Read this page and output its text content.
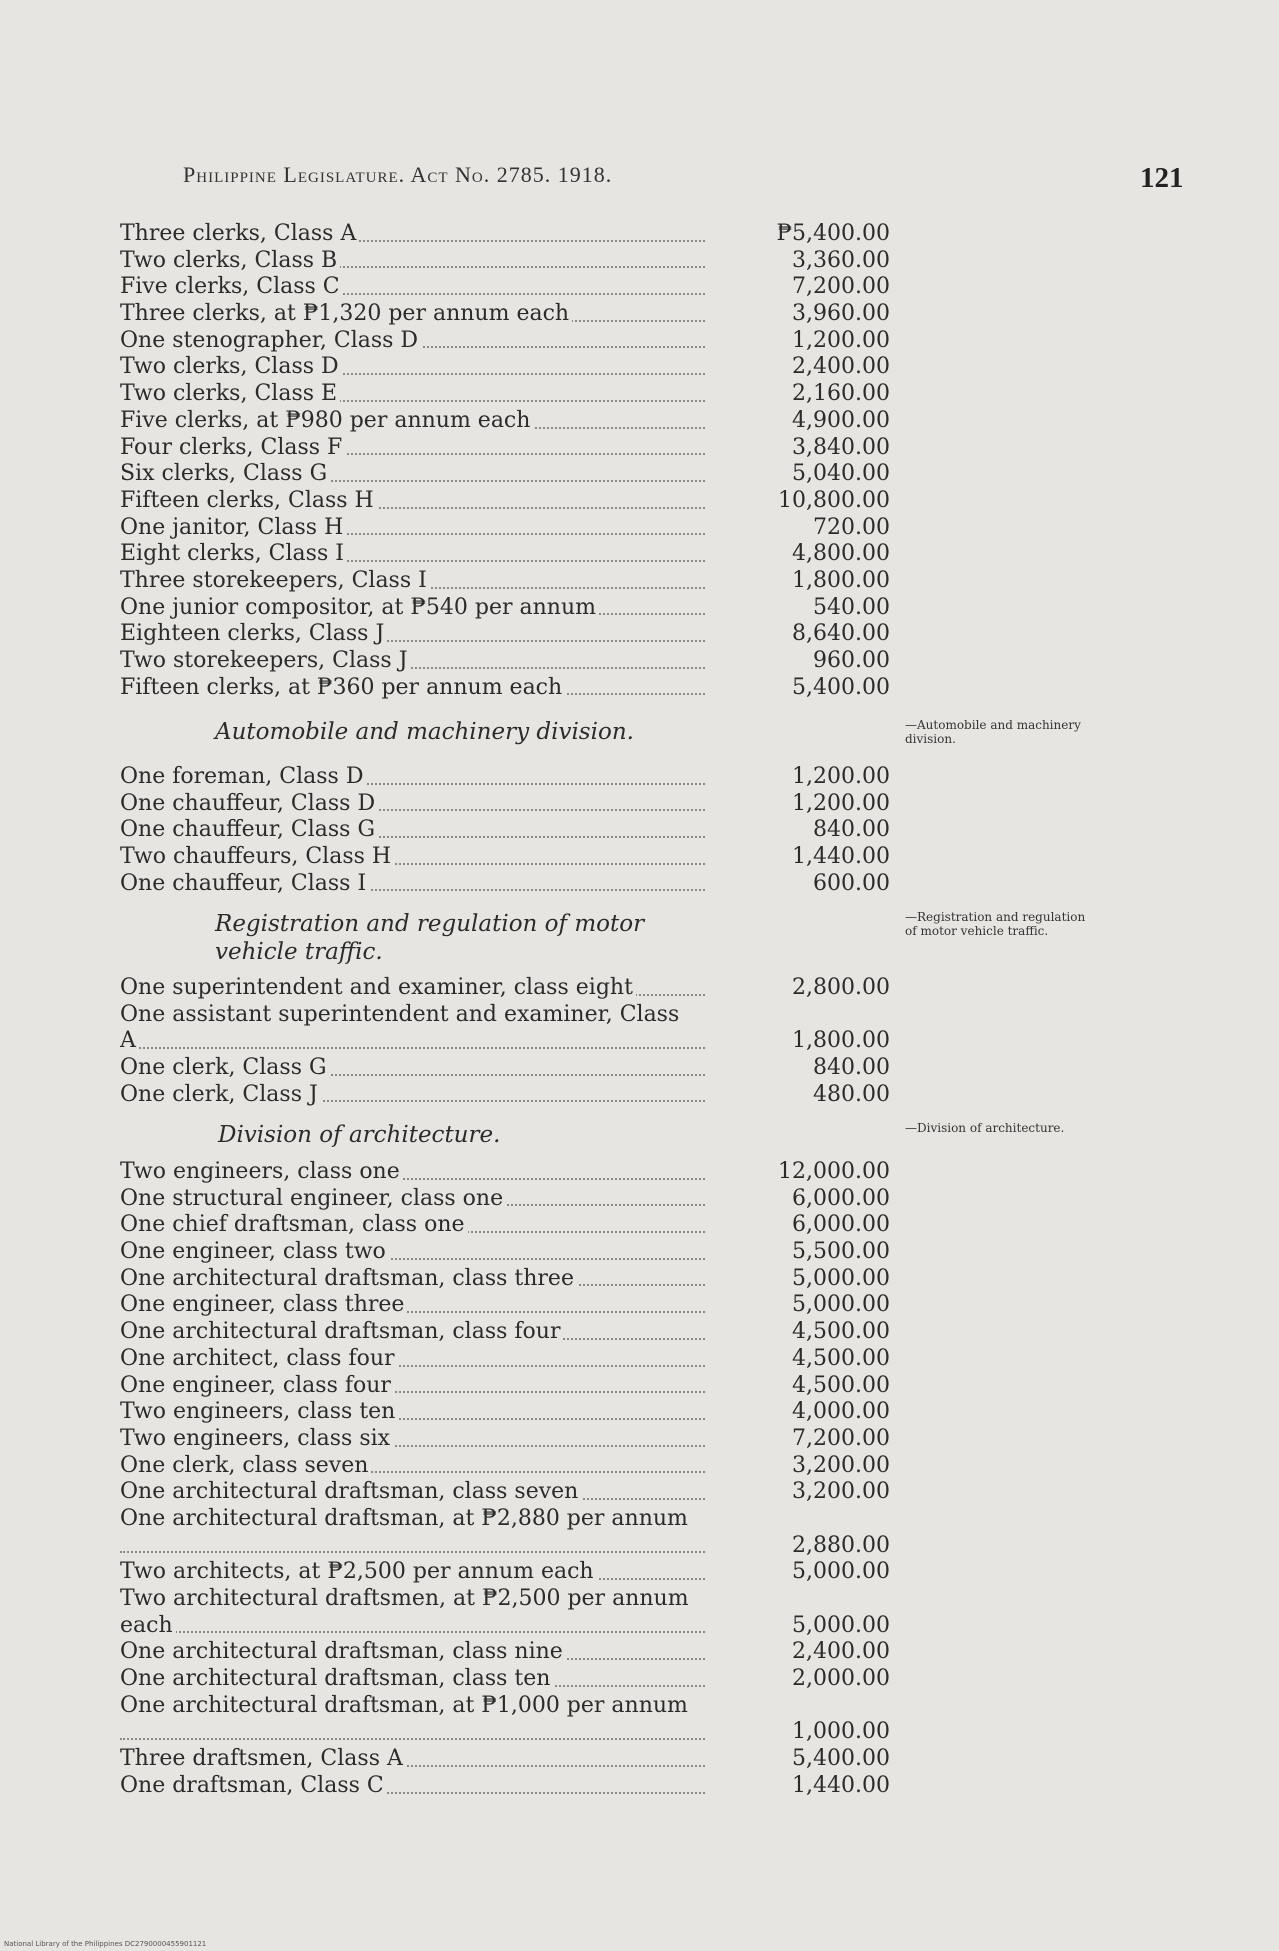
Philippine Legislature. Act No. 2785. 1918.	121
Three clerks, Class A	₱5,400.00
Two clerks, Class B	3,360.00
Five clerks, Class C	7,200.00
Three clerks, at ₱1,320 per annum each	3,960.00
One stenographer, Class D	1,200.00
Two clerks, Class D	2,400.00
Two clerks, Class E	2,160.00
Five clerks, at ₱980 per annum each	4,900.00
Four clerks, Class F	3,840.00
Six clerks, Class G	5,040.00
Fifteen clerks, Class H	10,800.00
One janitor, Class H	720.00
Eight clerks, Class I	4,800.00
Three storekeepers, Class I	1,800.00
One junior compositor, at ₱540 per annum	540.00
Eighteen clerks, Class J	8,640.00
Two storekeepers, Class J	960.00
Fifteen clerks, at ₱360 per annum each	5,400.00
Automobile and machinery division.	—Automobile and machinery division.
One foreman, Class D	1,200.00
One chauffeur, Class D	1,200.00
One chauffeur, Class G	840.00
Two chauffeurs, Class H	1,440.00
One chauffeur, Class I	600.00
Registration and regulation of motor vehicle traffic.
—Registration and regulation of motor vehicle traffic.
One superintendent and examiner, class eight	2,800.00
One assistant superintendent and examiner, Class A	1,800.00
One clerk, Class G	840.00
One clerk, Class J	480.00
Division of architecture.	—Division of architecture.
Two engineers, class one	12,000.00
One structural engineer, class one	6,000.00
One chief draftsman, class one	6,000.00
One engineer, class two	5,500.00
One architectural draftsman, class three	5,000.00
One engineer, class three	5,000.00
One architectural draftsman, class four	4,500.00
One architect, class four	4,500.00
One engineer, class four	4,500.00
Two engineers, class ten	4,000.00
Two engineers, class six	7,200.00
One clerk, class seven	3,200.00
One architectural draftsman, class seven	3,200.00
One architectural draftsman, at ₱2,880 per annum
2,880.00
Two architects, at ₱2,500 per annum each	5,000.00
Two architectural draftsmen, at ₱2,500 per annum each	5,000.00
One architectural draftsman, class nine	2,400.00
One architectural draftsman, class ten	2,000.00
One architectural draftsman, at ₱1,000 per annum
1,000.00
Three draftsmen, Class A	5,400.00
One draftsman, Class C	1,440.00
National Library of the Philippines DC2790000455901121
